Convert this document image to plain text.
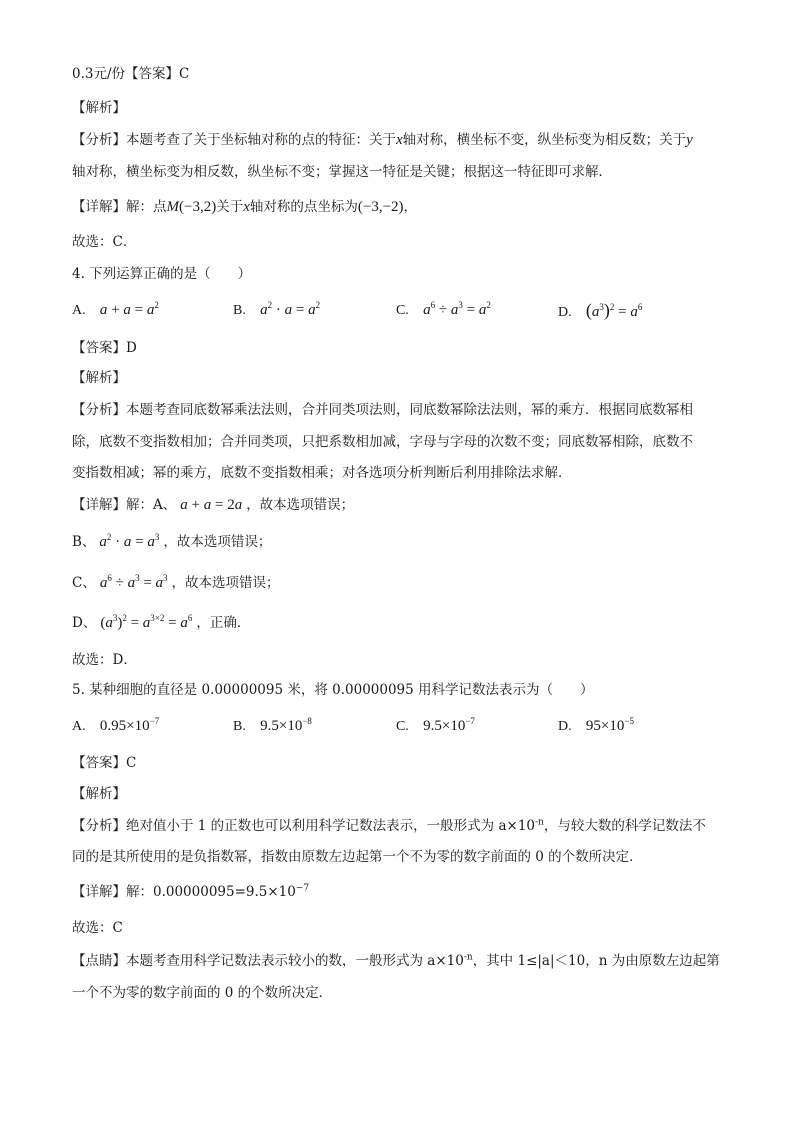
0.3元/份【答案】C
【解析】
【分析】本题考查了关于坐标轴对称的点的特征：关于x轴对称，横坐标不变，纵坐标变为相反数；关于y
轴对称，横坐标变为相反数，纵坐标不变；掌握这一特征是关键；根据这一特征即可求解．
【详解】解：点M(−3,2)关于x轴对称的点坐标为(−3,−2)，
故选：C．
4. 下列运算正确的是（　　）
A. $a + a = a^2$	B. $a^2 \cdot a = a^2$	C. $a^6 \div a^3 = a^2$	D. $(a^3)^2 = a^6$
【答案】D
【解析】
【分析】本题考查同底数幂乘法法则，合并同类项法则，同底数幂除法法则，幂的乘方．根据同底数幂相
除，底数不变指数相加；合并同类项，只把系数相加减，字母与字母的次数不变；同底数幂相除，底数不
变指数相减；幂的乘方，底数不变指数相乘；对各选项分析判断后利用排除法求解．
【详解】解：A、 a + a = 2a ，故本选项错误；
B、 $a^2 \cdot a = a^3$ ，故本选项错误；
C、 $a^6 \div a^3 = a^3$ ，故本选项错误；
D、 $(a^3)^2 = a^{3\times 2} = a^6$ ，正确．
故选：D．
5. 某种细胞的直径是 0.00000095 米，将 0.00000095 用科学记数法表示为（　　）
A. $0.95\times 10^{-7}$	B. $9.5\times 10^{-8}$	C. $9.5\times 10^{-7}$	D. $95\times 10^{-5}$
【答案】C
【解析】
【分析】绝对值小于 1 的正数也可以利用科学记数法表示，一般形式为 $a\times 10^{-n}$，与较大数的科学记数法不
同的是其所使用的是负指数幂，指数由原数左边起第一个不为零的数字前面的 0 的个数所决定．
【详解】解：$0.00000095=9.5\times 10^{-7}$
故选：C
【点睛】本题考查用科学记数法表示较小的数，一般形式为 $a\times 10^{-n}$，其中 1≤|a|＜10，n 为由原数左边起第
一个不为零的数字前面的 0 的个数所决定．
